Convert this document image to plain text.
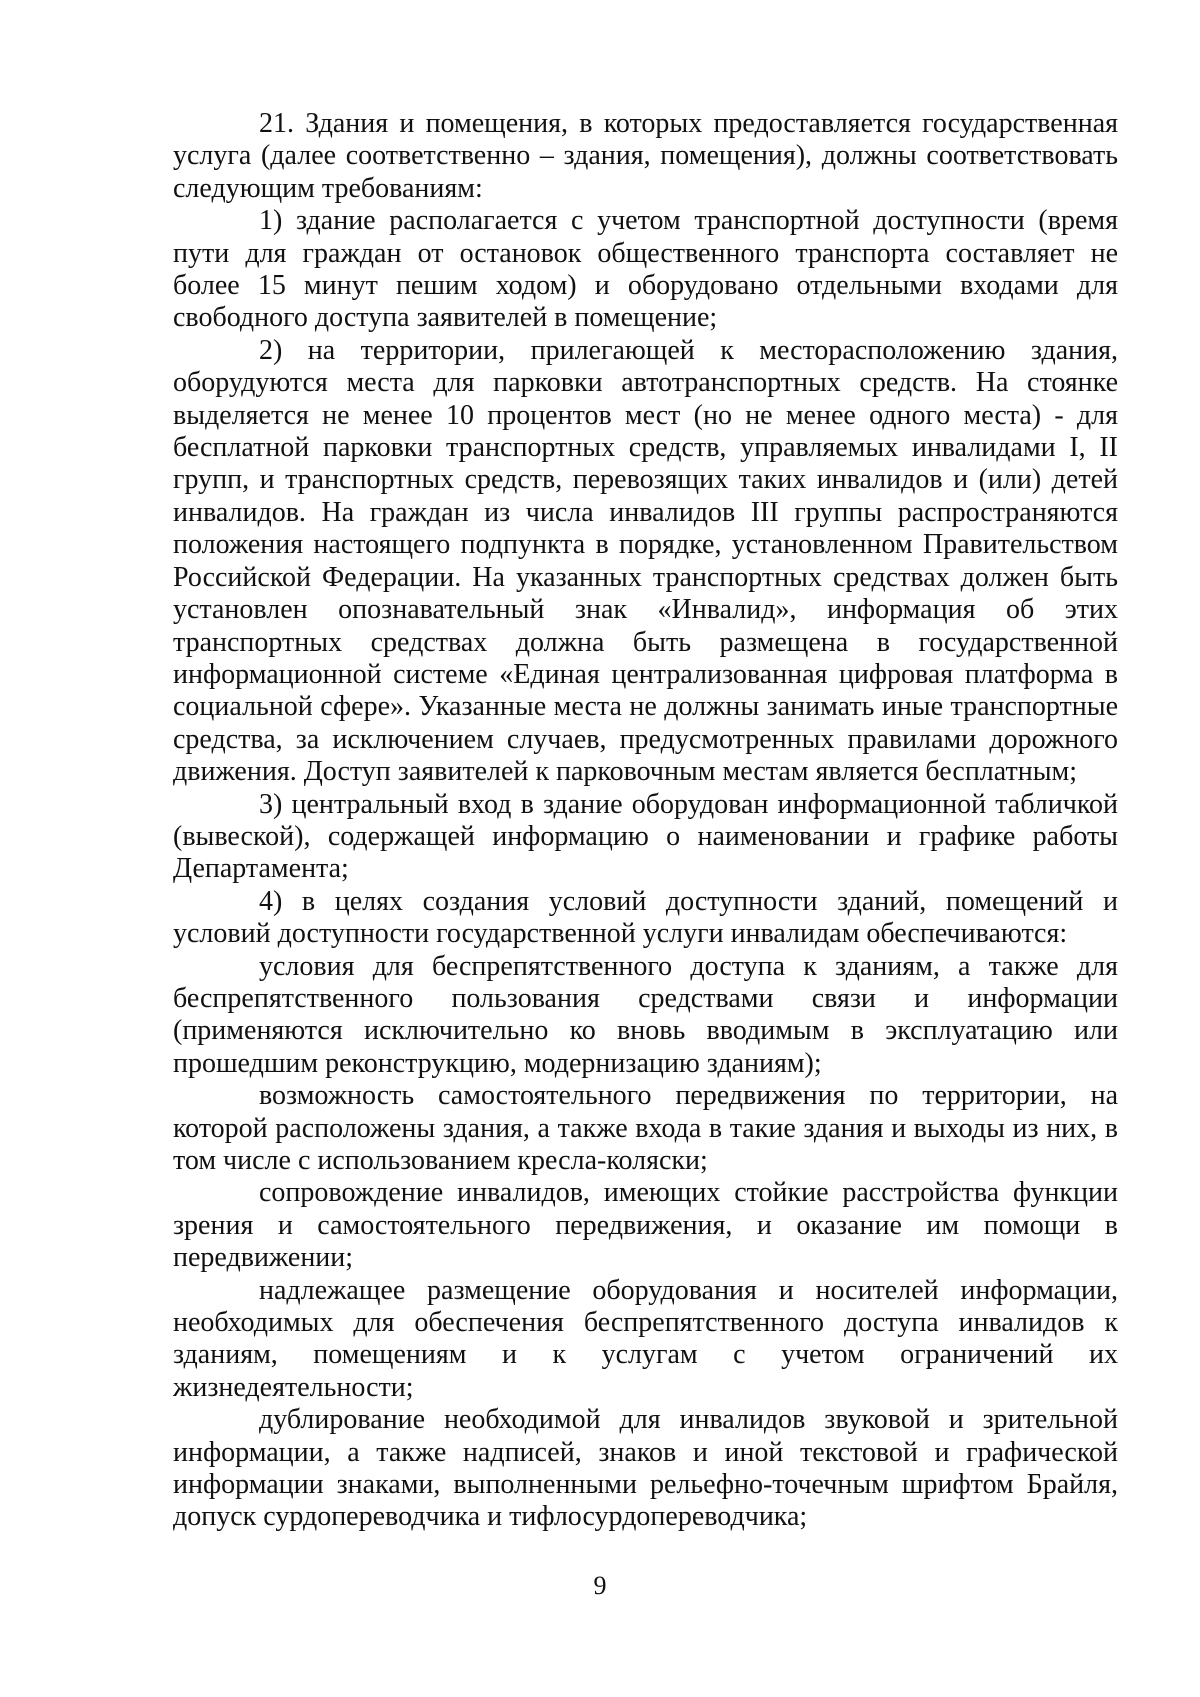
21. Здания и помещения, в которых предоставляется государственная услуга (далее соответственно – здания, помещения), должны соответствовать следующим требованиям:

1) здание располагается с учетом транспортной доступности (время пути для граждан от остановок общественного транспорта составляет не более 15 минут пешим ходом) и оборудовано отдельными входами для свободного доступа заявителей в помещение;

2) на территории, прилегающей к месторасположению здания, оборудуются места для парковки автотранспортных средств. На стоянке выделяется не менее 10 процентов мест (но не менее одного места) - для бесплатной парковки транспортных средств, управляемых инвалидами I, II групп, и транспортных средств, перевозящих таких инвалидов и (или) детей инвалидов. На граждан из числа инвалидов III группы распространяются положения настоящего подпункта в порядке, установленном Правительством Российской Федерации. На указанных транспортных средствах должен быть установлен опознавательный знак «Инвалид», информация об этих транспортных средствах должна быть размещена в государственной информационной системе «Единая централизованная цифровая платформа в социальной сфере». Указанные места не должны занимать иные транспортные средства, за исключением случаев, предусмотренных правилами дорожного движения. Доступ заявителей к парковочным местам является бесплатным;

3) центральный вход в здание оборудован информационной табличкой (вывеской), содержащей информацию о наименовании и графике работы Департамента;

4) в целях создания условий доступности зданий, помещений и условий доступности государственной услуги инвалидам обеспечиваются:

условия для беспрепятственного доступа к зданиям, а также для беспрепятственного пользования средствами связи и информации (применяются исключительно ко вновь вводимым в эксплуатацию или прошедшим реконструкцию, модернизацию зданиям);

возможность самостоятельного передвижения по территории, на которой расположены здания, а также входа в такие здания и выходы из них, в том числе с использованием кресла-коляски;

сопровождение инвалидов, имеющих стойкие расстройства функции зрения и самостоятельного передвижения, и оказание им помощи в передвижении;

надлежащее размещение оборудования и носителей информации, необходимых для обеспечения беспрепятственного доступа инвалидов к зданиям, помещениям и к услугам с учетом ограничений их жизнедеятельности;

дублирование необходимой для инвалидов звуковой и зрительной информации, а также надписей, знаков и иной текстовой и графической информации знаками, выполненными рельефно-точечным шрифтом Брайля, допуск сурдопереводчика и тифлосурдопереводчика;

9
